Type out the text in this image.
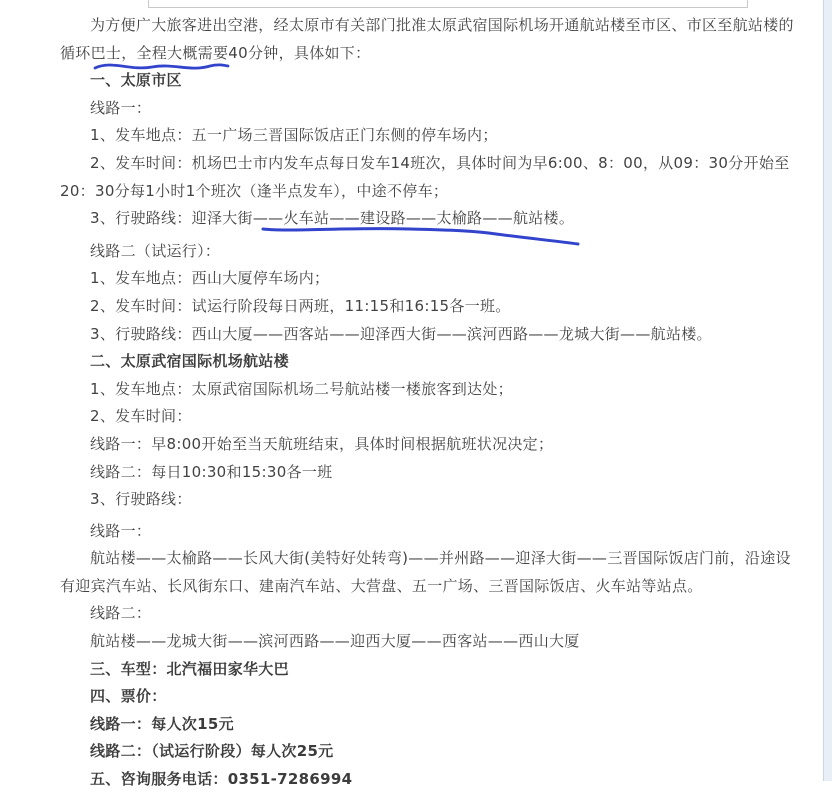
为方便广大旅客进出空港，经太原市有关部门批准太原武宿国际机场开通航站楼至市区、市区至航站楼的循环巴士，全程大概需要40分钟，具体如下：

一、太原市区

线路一：

1、发车地点：五一广场三晋国际饭店正门东侧的停车场内；

2、发车时间：机场巴士市内发车点每日发车14班次，具体时间为早6:00、8：00，从09：30分开始至20：30分每1小时1个班次（逢半点发车），中途不停车；

3、行驶路线：迎泽大街——火车站——建设路——太榆路——航站楼。

线路二（试运行）：

1、发车地点：西山大厦停车场内；

2、发车时间：试运行阶段每日两班，11:15和16:15各一班。

3、行驶路线：西山大厦——西客站——迎泽西大街——滨河西路——龙城大街——航站楼。

二、太原武宿国际机场航站楼

1、发车地点：太原武宿国际机场二号航站楼一楼旅客到达处；

2、发车时间：

线路一：早8:00开始至当天航班结束，具体时间根据航班状况决定；

线路二：每日10:30和15:30各一班

3、行驶路线：

线路一：

航站楼——太榆路——长风大街(美特好处转弯)——并州路——迎泽大街——三晋国际饭店门前，沿途设有迎宾汽车站、长风街东口、建南汽车站、大营盘、五一广场、三晋国际饭店、火车站等站点。

线路二：

航站楼——龙城大街——滨河西路——迎西大厦——西客站——西山大厦

三、车型：北汽福田家华大巴

四、票价：

线路一：每人次15元

线路二：（试运行阶段）每人次25元

五、咨询服务电话：0351-7286994
